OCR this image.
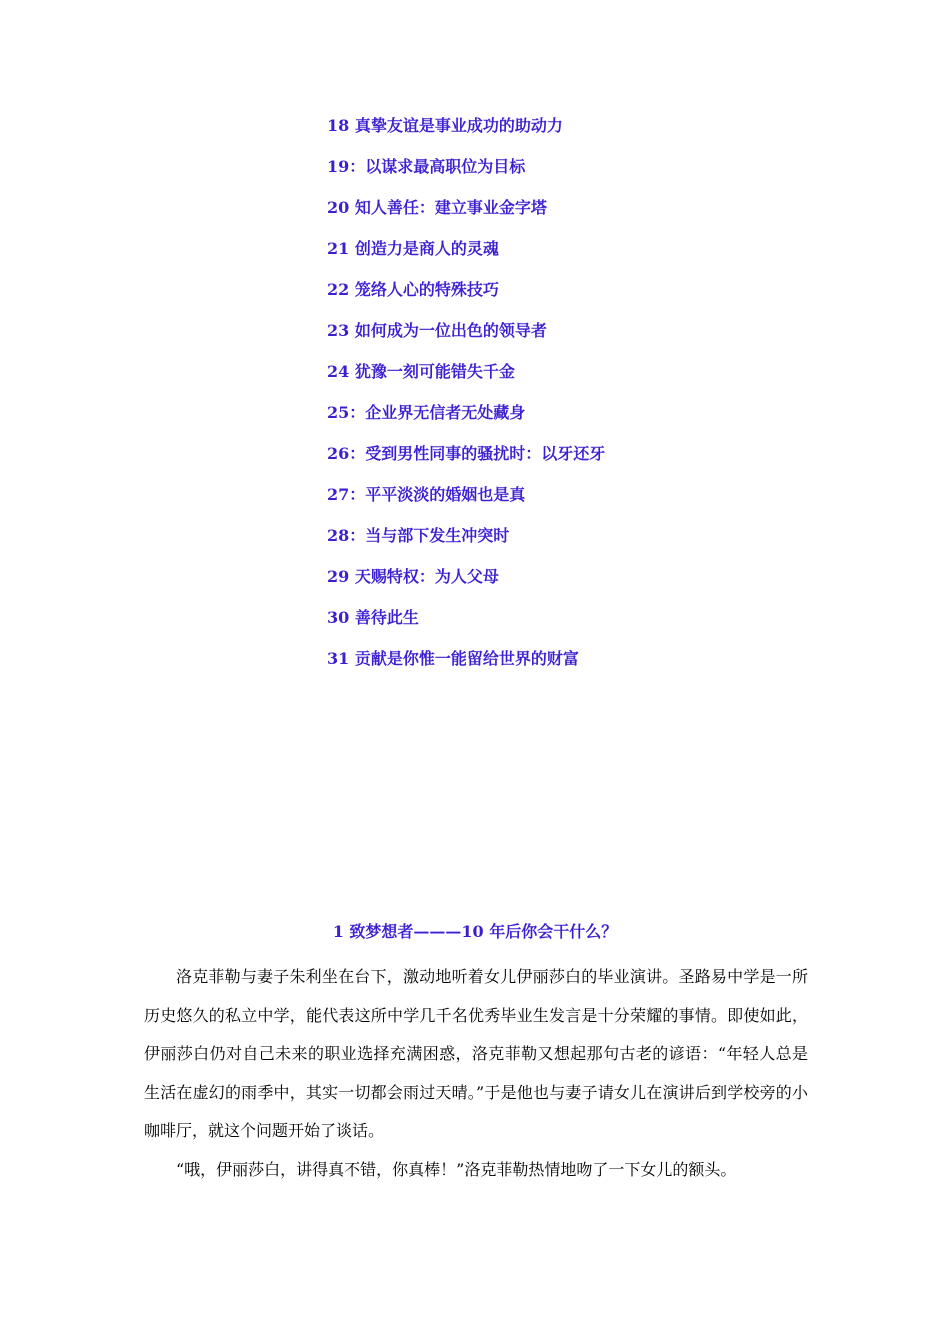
18 真挚友谊是事业成功的助动力
19：以谋求最高职位为目标
20 知人善任：建立事业金字塔
21 创造力是商人的灵魂
22 笼络人心的特殊技巧
23 如何成为一位出色的领导者
24 犹豫一刻可能错失千金
25：企业界无信者无处藏身
26：受到男性同事的骚扰时：以牙还牙
27：平平淡淡的婚姻也是真
28：当与部下发生冲突时
29 天赐特权：为人父母
30 善待此生
31 贡献是你惟一能留给世界的财富
1 致梦想者———10 年后你会干什么？

洛克菲勒与妻子朱利坐在台下，激动地听着女儿伊丽莎白的毕业演讲。圣路易中学是一所历史悠久的私立中学，能代表这所中学几千名优秀毕业生发言是十分荣耀的事情。即使如此，伊丽莎白仍对自己未来的职业选择充满困惑，洛克菲勒又想起那句古老的谚语：“年轻人总是生活在虚幻的雨季中，其实一切都会雨过天晴。”于是他也与妻子请女儿在演讲后到学校旁的小咖啡厅，就这个问题开始了谈话。

“哦，伊丽莎白，讲得真不错，你真棒！”洛克菲勒热情地吻了一下女儿的额头。
